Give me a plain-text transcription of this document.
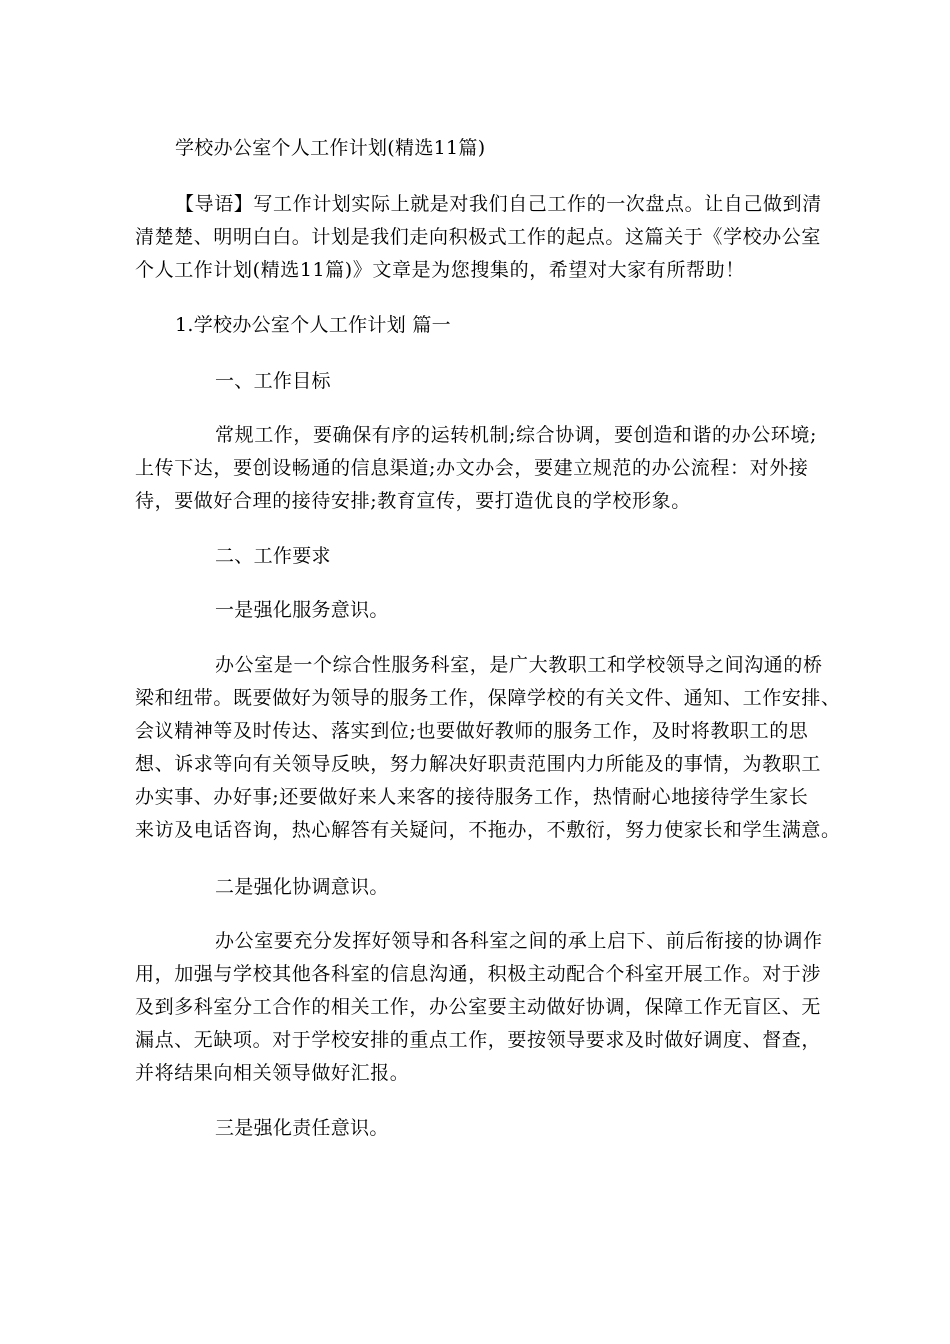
学校办公室个人工作计划(精选11篇)
【导语】写工作计划实际上就是对我们自己工作的一次盘点。让自己做到清
清楚楚、明明白白。计划是我们走向积极式工作的起点。这篇关于《学校办公室
个人工作计划(精选11篇)》文章是为您搜集的，希望对大家有所帮助！
1.学校办公室个人工作计划 篇一
一、工作目标
常规工作，要确保有序的运转机制;综合协调，要创造和谐的办公环境;
上传下达，要创设畅通的信息渠道;办文办会，要建立规范的办公流程：对外接
待，要做好合理的接待安排;教育宣传，要打造优良的学校形象。
二、工作要求
一是强化服务意识。
办公室是一个综合性服务科室，是广大教职工和学校领导之间沟通的桥
梁和纽带。既要做好为领导的服务工作，保障学校的有关文件、通知、工作安排、
会议精神等及时传达、落实到位;也要做好教师的服务工作，及时将教职工的思
想、诉求等向有关领导反映，努力解决好职责范围内力所能及的事情，为教职工
办实事、办好事;还要做好来人来客的接待服务工作，热情耐心地接待学生家长
来访及电话咨询，热心解答有关疑问，不拖办，不敷衍，努力使家长和学生满意。
二是强化协调意识。
办公室要充分发挥好领导和各科室之间的承上启下、前后衔接的协调作
用，加强与学校其他各科室的信息沟通，积极主动配合个科室开展工作。对于涉
及到多科室分工合作的相关工作，办公室要主动做好协调，保障工作无盲区、无
漏点、无缺项。对于学校安排的重点工作，要按领导要求及时做好调度、督查，
并将结果向相关领导做好汇报。
三是强化责任意识。
